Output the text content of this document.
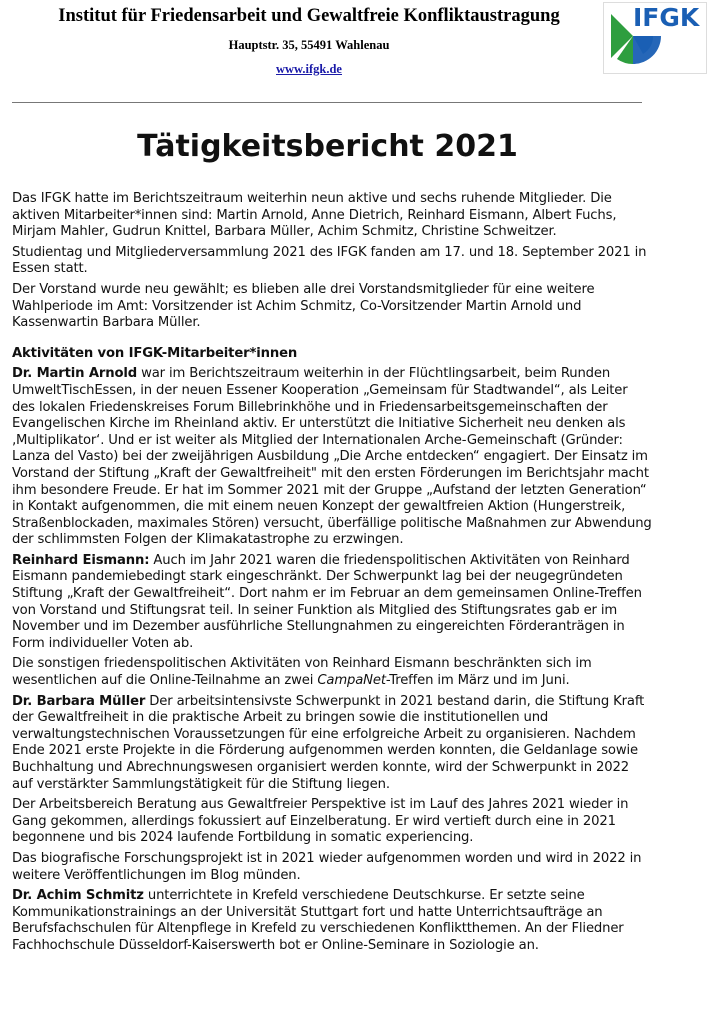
Institut für Friedensarbeit und Gewaltfreie Konfliktaustragung
Hauptstr. 35, 55491 Wahlenau
www.ifgk.de
IFGK
Tätigkeitsbericht 2021

Das IFGK hatte im Berichtszeitraum weiterhin neun aktive und sechs ruhende Mitglieder. Die aktiven Mitarbeiter*innen sind: Martin Arnold, Anne Dietrich, Reinhard Eismann, Albert Fuchs, Mirjam Mahler, Gudrun Knittel, Barbara Müller, Achim Schmitz, Christine Schweitzer.

Studientag und Mitgliederversammlung 2021 des IFGK fanden am 17. und 18. September 2021 in Essen statt.

Der Vorstand wurde neu gewählt; es blieben alle drei Vorstandsmitglieder für eine weitere Wahlperiode im Amt: Vorsitzender ist Achim Schmitz, Co-Vorsitzender Martin Arnold und Kassenwartin Barbara Müller.

Aktivitäten von IFGK-Mitarbeiter*innen

Dr. Martin Arnold war im Berichtszeitraum weiterhin in der Flüchtlingsarbeit, beim Runden UmweltTischEssen, in der neuen Essener Kooperation „Gemeinsam für Stadtwandel“, als Leiter des lokalen Friedenskreises Forum Billebrinkhöhe und in Friedensarbeitsgemeinschaften der Evangelischen Kirche im Rheinland aktiv. Er unterstützt die Initiative Sicherheit neu denken als ‚Multiplikator‘. Und er ist weiter als Mitglied der Internationalen Arche-Gemeinschaft (Gründer: Lanza del Vasto) bei der zweijährigen Ausbildung „Die Arche entdecken“ engagiert. Der Einsatz im Vorstand der Stiftung „Kraft der Gewaltfreiheit" mit den ersten Förderungen im Berichtsjahr macht ihm besondere Freude. Er hat im Sommer 2021 mit der Gruppe „Aufstand der letzten Generation“ in Kontakt aufgenommen, die mit einem neuen Konzept der gewaltfreien Aktion (Hungerstreik, Straßenblockaden, maximales Stören) versucht, überfällige politische Maßnahmen zur Abwendung der schlimmsten Folgen der Klimakatastrophe zu erzwingen.

Reinhard Eismann: Auch im Jahr 2021 waren die friedenspolitischen Aktivitäten von Reinhard Eismann pandemiebedingt stark eingeschränkt. Der Schwerpunkt lag bei der neugegründeten Stiftung „Kraft der Gewaltfreiheit“. Dort nahm er im Februar an dem gemeinsamen Online-Treffen von Vorstand und Stiftungsrat teil. In seiner Funktion als Mitglied des Stiftungsrates gab er im November und im Dezember ausführliche Stellungnahmen zu eingereichten Förderanträgen in Form individueller Voten ab.

Die sonstigen friedenspolitischen Aktivitäten von Reinhard Eismann beschränkten sich im wesentlichen auf die Online-Teilnahme an zwei CampaNet-Treffen im März und im Juni.

Dr. Barbara Müller Der arbeitsintensivste Schwerpunkt in 2021 bestand darin, die Stiftung Kraft der Gewaltfreiheit in die praktische Arbeit zu bringen sowie die institutionellen und verwaltungstechnischen Voraussetzungen für eine erfolgreiche Arbeit zu organisieren. Nachdem Ende 2021 erste Projekte in die Förderung aufgenommen werden konnten, die Geldanlage sowie Buchhaltung und Abrechnungswesen organisiert werden konnte, wird der Schwerpunkt in 2022 auf verstärkter Sammlungstätigkeit für die Stiftung liegen.

Der Arbeitsbereich Beratung aus Gewaltfreier Perspektive ist im Lauf des Jahres 2021 wieder in Gang gekommen, allerdings fokussiert auf Einzelberatung. Er wird vertieft durch eine in 2021 begonnene und bis 2024 laufende Fortbildung in somatic experiencing.

Das biografische Forschungsprojekt ist in 2021 wieder aufgenommen worden und wird in 2022 in weitere Veröffentlichungen im Blog münden.

Dr. Achim Schmitz unterrichtete in Krefeld verschiedene Deutschkurse. Er setzte seine Kommunikationstrainings an der Universität Stuttgart fort und hatte Unterrichtsaufträge an Berufsfachschulen für Altenpflege in Krefeld zu verschiedenen Konfliktthemen. An der Fliedner Fachhochschule Düsseldorf-Kaiserswerth bot er Online-Seminare in Soziologie an.
